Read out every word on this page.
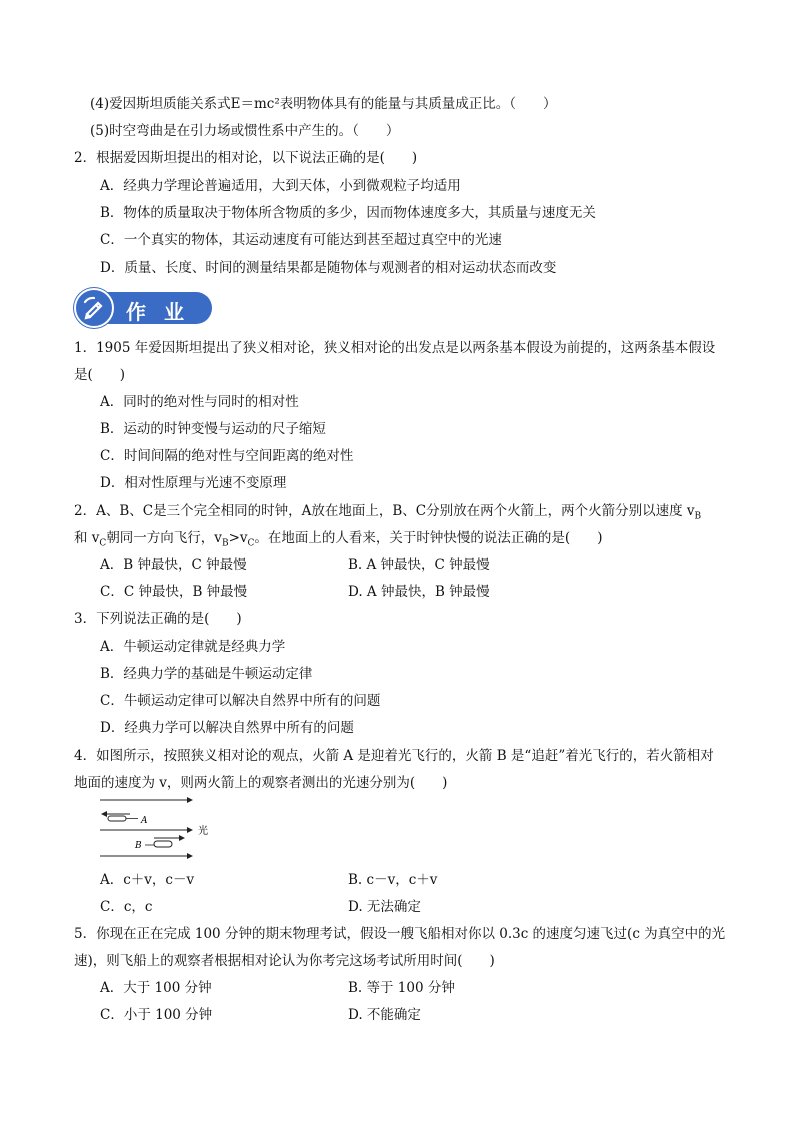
(4)爱因斯坦质能关系式E＝mc²表明物体具有的能量与其质量成正比。（　　）
(5)时空弯曲是在引力场或惯性系中产生的。（　　）
2．根据爱因斯坦提出的相对论，以下说法正确的是(　　)
A．经典力学理论普遍适用，大到天体，小到微观粒子均适用
B．物体的质量取决于物体所含物质的多少，因而物体速度多大，其质量与速度无关
C．一个真实的物体，其运动速度有可能达到甚至超过真空中的光速
D．质量、长度、时间的测量结果都是随物体与观测者的相对运动状态而改变
作业
1．1905 年爱因斯坦提出了狭义相对论，狭义相对论的出发点是以两条基本假设为前提的，这两条基本假设
是(　　)
A．同时的绝对性与同时的相对性
B．运动的时钟变慢与运动的尺子缩短
C．时间间隔的绝对性与空间距离的绝对性
D．相对性原理与光速不变原理
2．A、B、C是三个完全相同的时钟，A放在地面上，B、C分别放在两个火箭上，两个火箭分别以速度 $v_B$
和 $v_C$朝同一方向飞行，$v_B>v_C$。在地面上的人看来，关于时钟快慢的说法正确的是(　　)
A．B 钟最快，C 钟最慢	B. A 钟最快，C 钟最慢
C．C 钟最快，B 钟最慢	D. A 钟最快，B 钟最慢
3．下列说法正确的是(　　)
A．牛顿运动定律就是经典力学
B．经典力学的基础是牛顿运动定律
C．牛顿运动定律可以解决自然界中所有的问题
D．经典力学可以解决自然界中所有的问题
4．如图所示，按照狭义相对论的观点，火箭 A 是迎着光飞行的，火箭 B 是“追赶”着光飞行的，若火箭相对
地面的速度为 v，则两火箭上的观察者测出的光速分别为(　　)
A
B
光
A．c＋v，c－v	B. c－v，c＋v
C．c，c	D. 无法确定
5．你现在正在完成 100 分钟的期末物理考试，假设一艘飞船相对你以 0.3c 的速度匀速飞过(c 为真空中的光
速)，则飞船上的观察者根据相对论认为你考完这场考试所用时间(　　)
A．大于 100 分钟	B. 等于 100 分钟
C．小于 100 分钟	D. 不能确定
